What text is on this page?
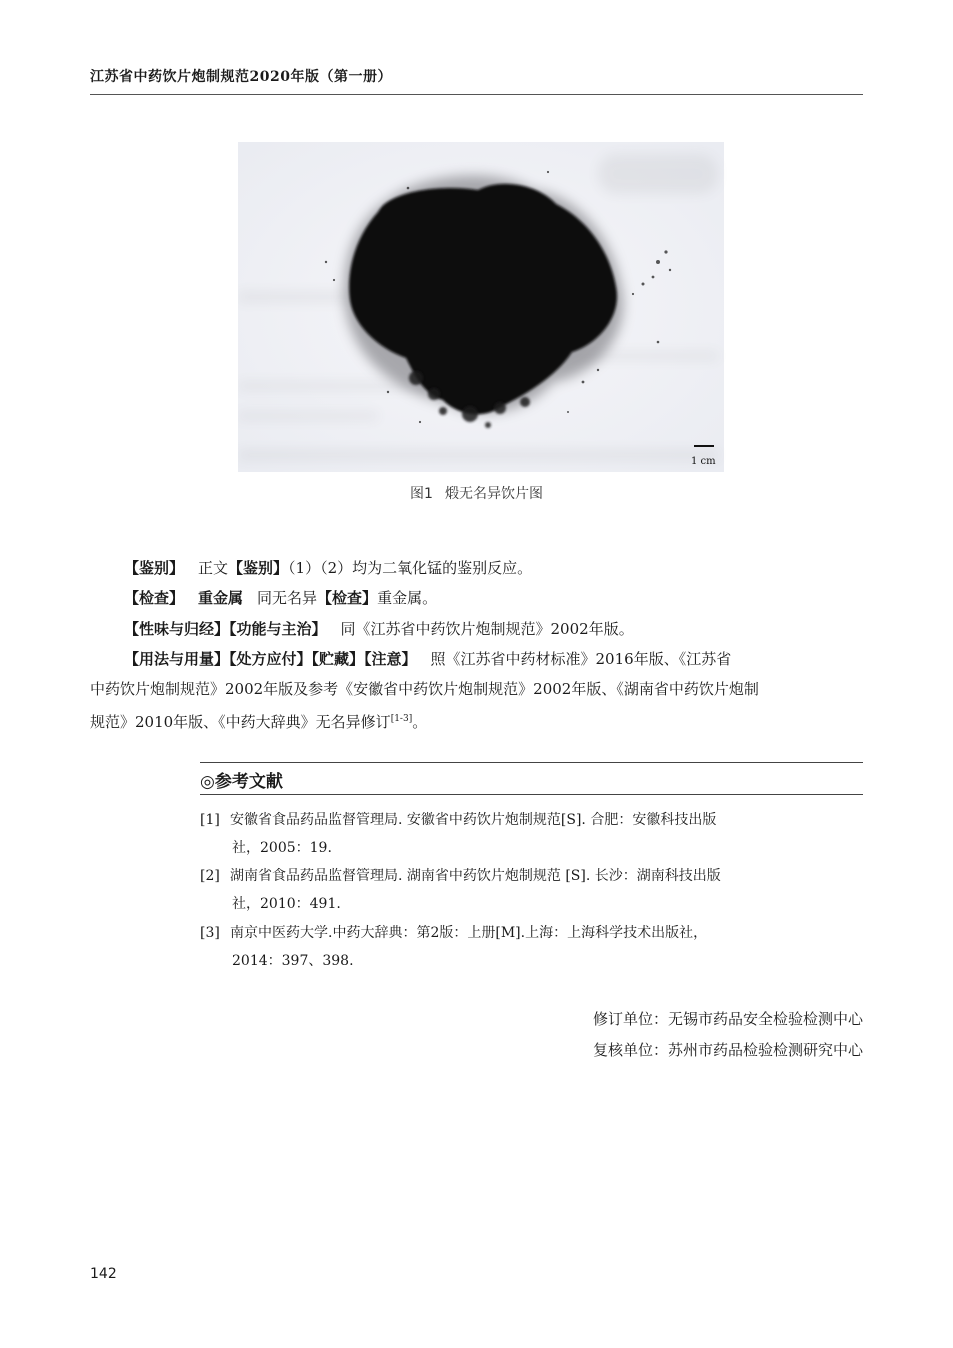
江苏省中药饮片炮制规范2020年版（第一册）
1 cm
图1 煅无名异饮片图
【鉴别】 正文【鉴别】（1）（2）均为二氧化锰的鉴别反应。
【检查】 重金属 同无名异【检查】重金属。
【性味与归经】【功能与主治】 同《江苏省中药饮片炮制规范》2002年版。
【用法与用量】【处方应付】【贮藏】【注意】 照《江苏省中药材标准》2016年版、《江苏省
中药饮片炮制规范》2002年版及参考《安徽省中药饮片炮制规范》2002年版、《湖南省中药饮片炮制
规范》2010年版、《中药大辞典》无名异修订[1-3]。
◎参考文献
[1] 安徽省食品药品监督管理局. 安徽省中药饮片炮制规范[S]. 合肥：安徽科技出版
社，2005：19.
[2] 湖南省食品药品监督管理局. 湖南省中药饮片炮制规范 [S]. 长沙：湖南科技出版
社，2010：491.
[3] 南京中医药大学.中药大辞典：第2版：上册[M].上海：上海科学技术出版社，
2014：397、398.
修订单位：无锡市药品安全检验检测中心
复核单位：苏州市药品检验检测研究中心
142
